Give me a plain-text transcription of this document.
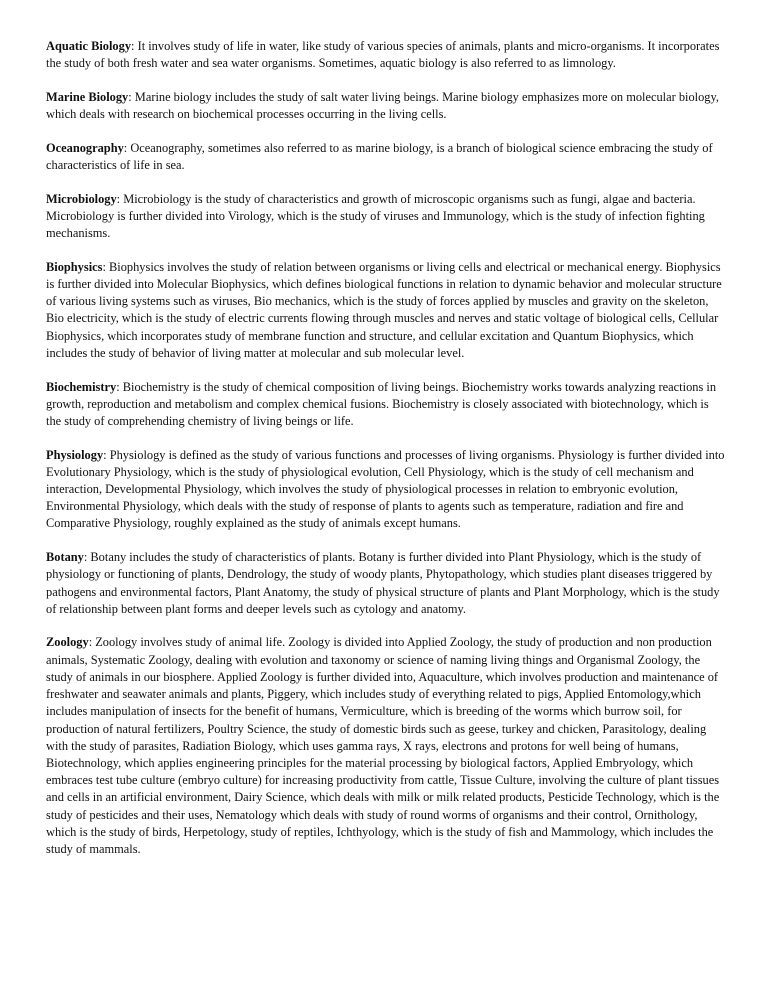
Aquatic Biology: It involves study of life in water, like study of various species of animals, plants and micro-organisms. It incorporates the study of both fresh water and sea water organisms. Sometimes, aquatic biology is also referred to as limnology.

Marine Biology: Marine biology includes the study of salt water living beings. Marine biology emphasizes more on molecular biology, which deals with research on biochemical processes occurring in the living cells.

Oceanography: Oceanography, sometimes also referred to as marine biology, is a branch of biological science embracing the study of characteristics of life in sea.

Microbiology: Microbiology is the study of characteristics and growth of microscopic organisms such as fungi, algae and bacteria. Microbiology is further divided into Virology, which is the study of viruses and Immunology, which is the study of infection fighting mechanisms.

Biophysics: Biophysics involves the study of relation between organisms or living cells and electrical or mechanical energy. Biophysics is further divided into Molecular Biophysics, which defines biological functions in relation to dynamic behavior and molecular structure of various living systems such as viruses, Bio mechanics, which is the study of forces applied by muscles and gravity on the skeleton, Bio electricity, which is the study of electric currents flowing through muscles and nerves and static voltage of biological cells, Cellular Biophysics, which incorporates study of membrane function and structure, and cellular excitation and Quantum Biophysics, which includes the study of behavior of living matter at molecular and sub molecular level.

Biochemistry: Biochemistry is the study of chemical composition of living beings. Biochemistry works towards analyzing reactions in growth, reproduction and metabolism and complex chemical fusions. Biochemistry is closely associated with biotechnology, which is the study of comprehending chemistry of living beings or life.

Physiology: Physiology is defined as the study of various functions and processes of living organisms. Physiology is further divided into Evolutionary Physiology, which is the study of physiological evolution, Cell Physiology, which is the study of cell mechanism and interaction, Developmental Physiology, which involves the study of physiological processes in relation to embryonic evolution, Environmental Physiology, which deals with the study of response of plants to agents such as temperature, radiation and fire and Comparative Physiology, roughly explained as the study of animals except humans.

Botany: Botany includes the study of characteristics of plants. Botany is further divided into Plant Physiology, which is the study of physiology or functioning of plants, Dendrology, the study of woody plants, Phytopathology, which studies plant diseases triggered by pathogens and environmental factors, Plant Anatomy, the study of physical structure of plants and Plant Morphology, which is the study of relationship between plant forms and deeper levels such as cytology and anatomy.

Zoology: Zoology involves study of animal life. Zoology is divided into Applied Zoology, the study of production and non production animals, Systematic Zoology, dealing with evolution and taxonomy or science of naming living things and Organismal Zoology, the study of animals in our biosphere. Applied Zoology is further divided into, Aquaculture, which involves production and maintenance of freshwater and seawater animals and plants, Piggery, which includes study of everything related to pigs, Applied Entomology,which includes manipulation of insects for the benefit of humans, Vermiculture, which is breeding of the worms which burrow soil, for production of natural fertilizers, Poultry Science, the study of domestic birds such as geese, turkey and chicken, Parasitology, dealing with the study of parasites, Radiation Biology, which uses gamma rays, X rays, electrons and protons for well being of humans, Biotechnology, which applies engineering principles for the material processing by biological factors, Applied Embryology, which embraces test tube culture (embryo culture) for increasing productivity from cattle, Tissue Culture, involving the culture of plant tissues and cells in an artificial environment, Dairy Science, which deals with milk or milk related products, Pesticide Technology, which is the study of pesticides and their uses, Nematology which deals with study of round worms of organisms and their control, Ornithology, which is the study of birds, Herpetology, study of reptiles, Ichthyology, which is the study of fish and Mammology, which includes the study of mammals.
